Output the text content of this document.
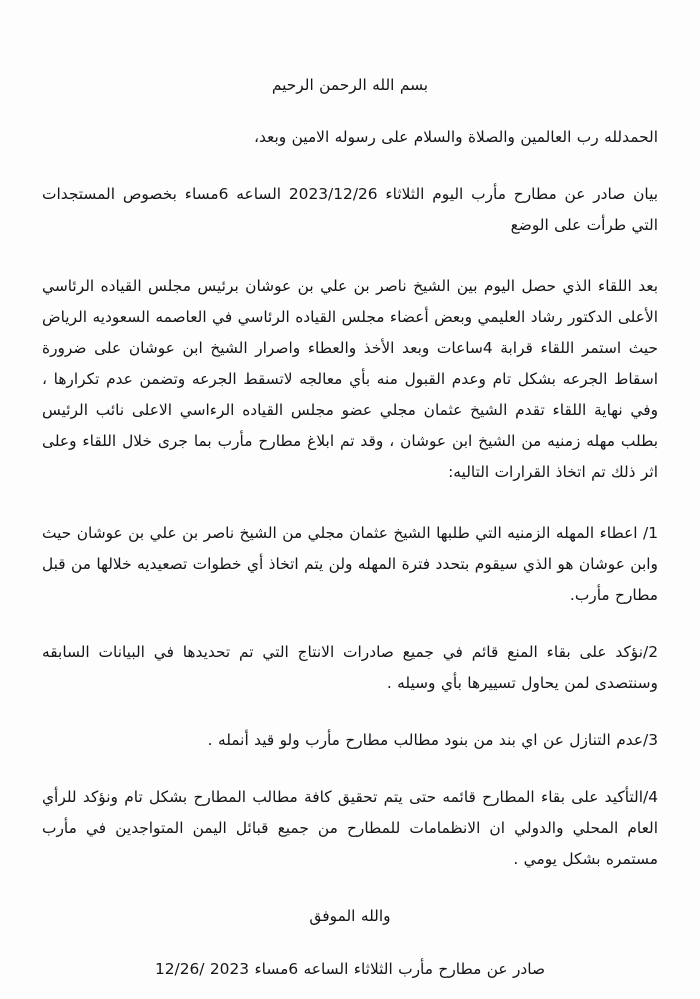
بسم الله الرحمن الرحيم

الحمدلله رب العالمين والصلاة والسلام على رسوله الامين وبعد،

بيان صادر عن مطارح مأرب اليوم الثلاثاء 2023/12/26 الساعه 6مساء بخصوص المستجدات التي طرأت على الوضع

بعد اللقاء الذي حصل اليوم بين الشيخ ناصر بن علي بن عوشان برئيس مجلس القياده الرئاسي الأعلى الدكتور رشاد العليمي وبعض أعضاء مجلس القياده الرئاسي في العاصمه السعوديه الرياض حيث استمر اللقاء قرابة 4ساعات وبعد الأخذ والعطاء واصرار الشيخ ابن عوشان على ضرورة اسقاط الجرعه بشكل تام وعدم القبول منه بأي معالجه لاتسقط الجرعه وتضمن عدم تكرارها ، وفي نهاية اللقاء تقدم الشيخ عثمان مجلي عضو مجلس القياده الرءاسي الاعلى نائب الرئيس بطلب مهله زمنيه من الشيخ ابن عوشان ، وقد تم ابلاغ مطارح مأرب بما جرى خلال اللقاء وعلى اثر ذلك تم اتخاذ القرارات التاليه:

1/ اعطاء المهله الزمنيه التي طلبها الشيخ عثمان مجلي من الشيخ ناصر بن علي بن عوشان حيث وابن عوشان هو الذي سيقوم بتحدد فترة المهله ولن يتم اتخاذ أي خطوات تصعيديه خلالها من قبل مطارح مأرب.

2/نؤكد على بقاء المنع قائم في جميع صادرات الانتاج التي تم تحديدها في البيانات السابقه وسنتصدى لمن يحاول تسييرها بأي وسيله .

3/عدم التنازل عن اي بند من بنود مطالب مطارح مأرب ولو قيد أنمله .

4/التأكيد على بقاء المطارح قائمه حتى يتم تحقيق كافة مطالب المطارح بشكل تام ونؤكد للرأي العام المحلي والدولي ان الانظمامات للمطارح من جميع قبائل اليمن المتواجدين في مأرب مستمره بشكل يومي .

والله الموفق

صادر عن مطارح مأرب الثلاثاء الساعه 6مساء 2023 /12/26
